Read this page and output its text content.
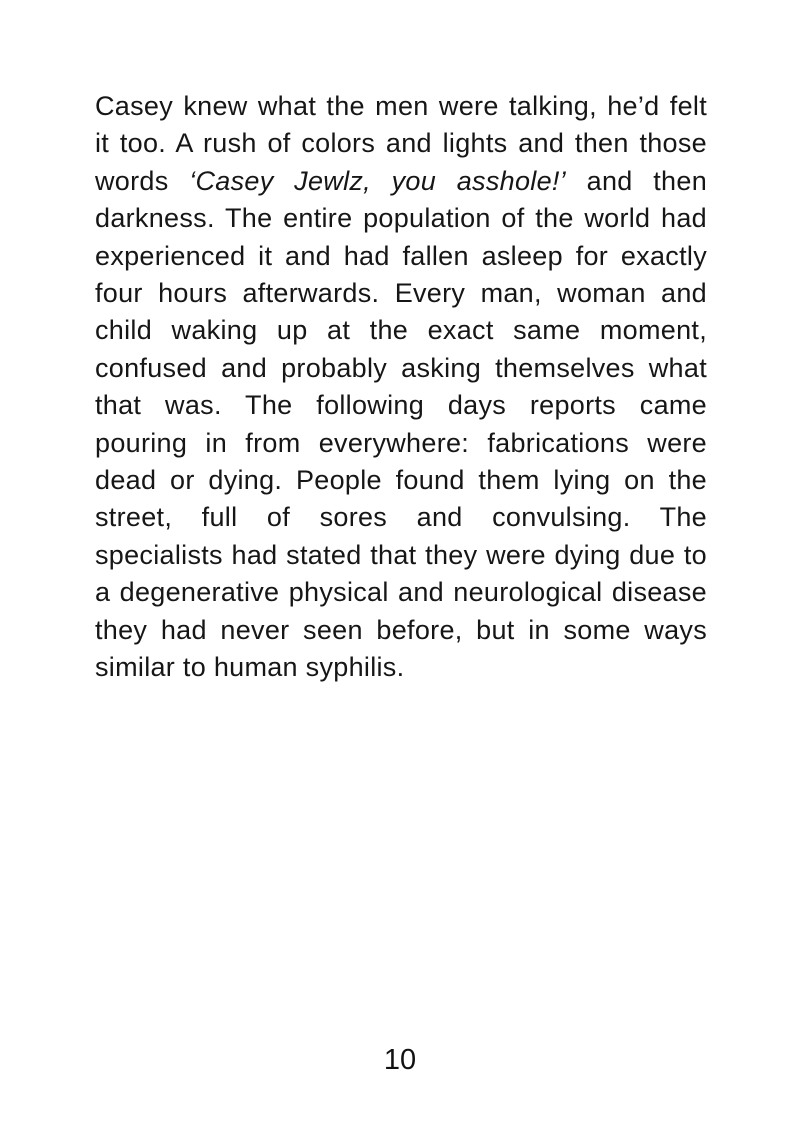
Casey knew what the men were talking, he’d felt it too. A rush of colors and lights and then those words ‘Casey Jewlz, you asshole!’ and then darkness. The entire population of the world had experienced it and had fallen asleep for exactly four hours afterwards. Every man, woman and child waking up at the exact same moment, confused and probably asking themselves what that was. The following days reports came pouring in from everywhere: fabrications were dead or dying. People found them lying on the street, full of sores and convulsing. The specialists had stated that they were dying due to a degenerative physical and neurological disease they had never seen before, but in some ways similar to human syphilis.

10
